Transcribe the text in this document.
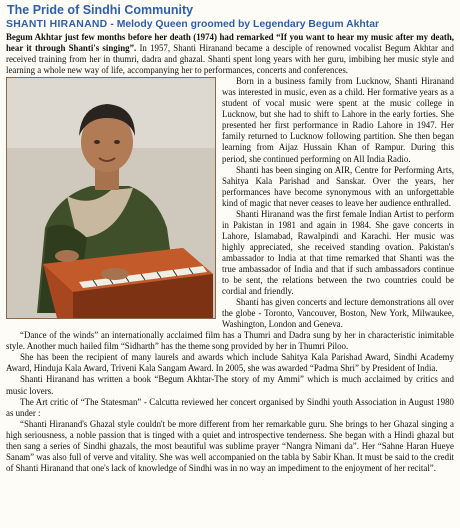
The Pride of Sindhi Community
SHANTI HIRANAND - Melody Queen groomed by Legendary Begum Akhtar

Begum Akhtar just few months before her death (1974) had remarked “If you want to hear my music after my death, hear it through Shanti's singing”. In 1957, Shanti Hiranand became a desciple of renowned vocalist Begum Akhtar and received training from her in thumri, dadra and ghazal. Shanti spent long years with her guru, imbibing her music style and learning a whole new way of life, accompanying her to performances, concerts and conferences.

Born in a business family from Lucknow, Shanti Hiranand was interested in music, even as a child. Her formative years as a student of vocal music were spent at the music college in Lucknow, but she had to shift to Lahore in the early forties. She presented her first performance in Radio Lahore in 1947. Her family returned to Lucknow following partition. She then began learning from Aijaz Hussain Khan of Rampur. During this period, she continued performing on All India Radio.

Shanti has been singing on AIR, Centre for Performing Arts, Sahitya Kala Parishad and Sanskar. Over the years, her performances have become synonymous with an unforgettable kind of magic that never ceases to leave her audience enthralled.

Shanti Hiranand was the first female Indian Artist to perform in Pakistan in 1981 and again in 1984. She gave concerts in Lahore, Islamabad, Rawalpindi and Karachi. Her music was highly appreciated, she received standing ovation. Pakistan's ambassador to India at that time remarked that Shanti was the true ambassador of India and that if such ambassadors continue to be sent, the relations between the two countries could be cordial and friendly.

Shanti has given concerts and lecture demonstrations all over the globe - Toronto, Vancouver, Boston, New York, Milwaukee, Washington, London and Geneva.

“Dance of the winds” an internationally acclaimed film has a Thumri and Dadra sung by her in characteristic inimitable style. Another much hailed film “Sidharth” has the theme song provided by her in Thumri Piloo.

She has been the recipient of many laurels and awards which include Sahitya Kala Parishad Award, Sindhi Academy Award, Hinduja Kala Award, Triveni Kala Sangam Award. In 2005, she was awarded “Padma Shri” by President of India.

Shanti Hiranand has written a book “Begum Akhtar-The story of my Ammi” which is much acclaimed by critics and music lovers.

The Art critic of “The Statesman” - Calcutta reviewed her concert organised by Sindhi youth Association in August 1980 as under :

“Shanti Hiranand's Ghazal style couldn't be more different from her remarkable guru. She brings to her Ghazal singing a high seriousness, a noble passion that is tinged with a quiet and introspective tenderness. She began with a Hindi ghazal but then sang a series of Sindhi ghazals, the most beautiful was sublime prayer “Nangra Nimani da”. Her “Sahne Haran Hueye Sanam” was also full of verve and vitality. She was well accompanied on the tabla by Sabir Khan. It must be said to the credit of Shanti Hiranand that one's lack of knowledge of Sindhi was in no way an impediment to the enjoyment of her recital”.
